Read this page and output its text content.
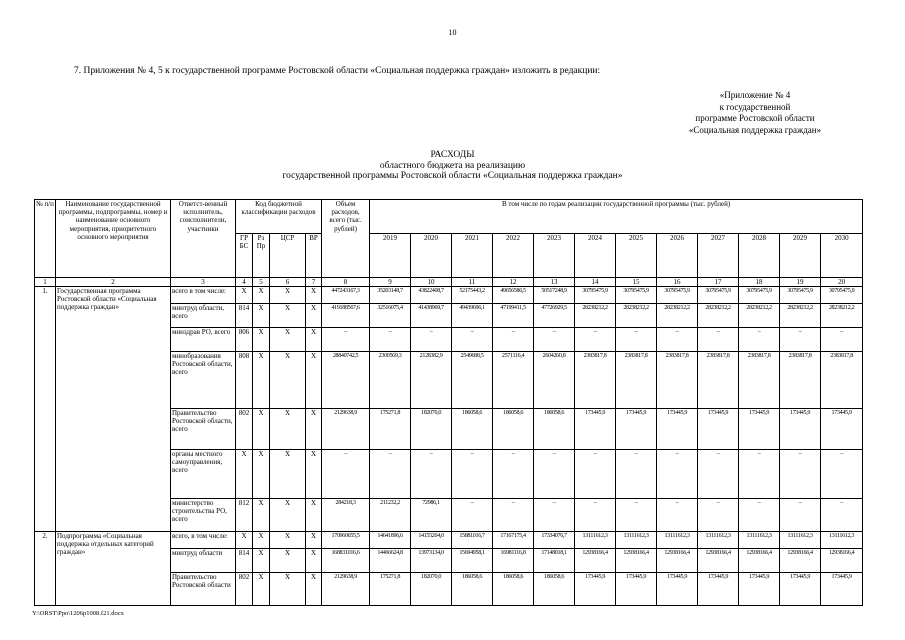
10
7. Приложения № 4, 5 к государственной программе Ростовской области «Социальная поддержка граждан» изложить в редакции:
«Приложение № 4
к государственной
программе Ростовской области
«Социальная поддержка граждан»
РАСХОДЫ
областного бюджета на реализацию
государственной программы Ростовской области «Социальная поддержка граждан»
№ п/п	Наименование государственной программы, подпрограммы, номер и наименование основного мероприятия, приоритетного основного мероприятия	Ответст-венный исполнитель, соисполнители, участники	Код бюджетной классификации расходов				Объем расходов, всего (тыс. рублей)	В том числе по годам реализации государственной программы (тыс. рублей)											
			ГР БС	Рз Пр	ЦСР	ВР		2019	2020	2021	2022	2023	2024	2025	2026	2027	2028	2029	2030
1	2	3	4	5	6	7	8	9	10	11	12	13	14	15	16	17	18	19	20
1.	Государственная программа Ростовской области «Социальная поддержка граждан»	всего в том числе:	X	X	X	X	447243167,3	35203148,7	43822408,7	52175443,2	49656586,5	50517248,9	30795475,9	30795475,9	30795475,9	30795475,9	30795475,9	30795475,9	30795475,9
		минтруд области, всего	814	X	X	X	419188567,6	32516075,4	41438969,7	49439696,1	47199411,5	47726929,5	28238212,2	28238212,2	28238212,2	28238212,2	28238212,2	28238212,2	28238212,2
		минздрав РО, всего	806	X	X	X	–	–	–	–	–	–	–	–	–	–	–	–	–
		минобразования Ростовской области, всего	808	X	X	X	28840742,5	2300569,3	2128382,9	2549688,5	2571116,4	2604260,8	2383817,8	2383817,8	2383817,8	2383817,8	2383817,8	2383817,8	2383817,8
		Правительство Ростовской области, всего	802	X	X	X	2129638,9	175271,8	182070,0	186058,6	186058,6	186058,6	173445,9	173445,9	173445,9	173445,9	173445,9	173445,9	173445,9
		органы местного самоуправления, всего	X	X	X	X	–	–	–	–	–	–	–	–	–	–	–	–	–
		министерство строительства РО, всего	812	X	X	X	284218,3	211232,2	72986,1	–	–	–	–	–	–	–	–	–	–
2.	Подпрограмма «Социальная поддержка отдельных категорий граждан»	всего, в том числе:	X	X	X	X	170960655,5	14641896,6	14155204,0	15881016,7	17167175,4	17334076,7	13111612,3	13111612,3	13111612,3	13111612,3	13111612,3	13111612,3	13111612,3
		минтруд области	814	X	X	X	168831016,6	14466624,8	13973134,0	15694958,1	16981116,8	17148018,1	12938166,4	12938166,4	12938166,4	12938166,4	12938166,4	12938166,4	12938166,4
		Правительство Ростовской области	802	X	X	X	2129638,9	175271,8	182070,0	186058,6	186058,6	186058,6	173445,9	173445,9	173445,9	173445,9	173445,9	173445,9	173445,9
Y:\ORST\Ppo\1206p1008.f21.docx
